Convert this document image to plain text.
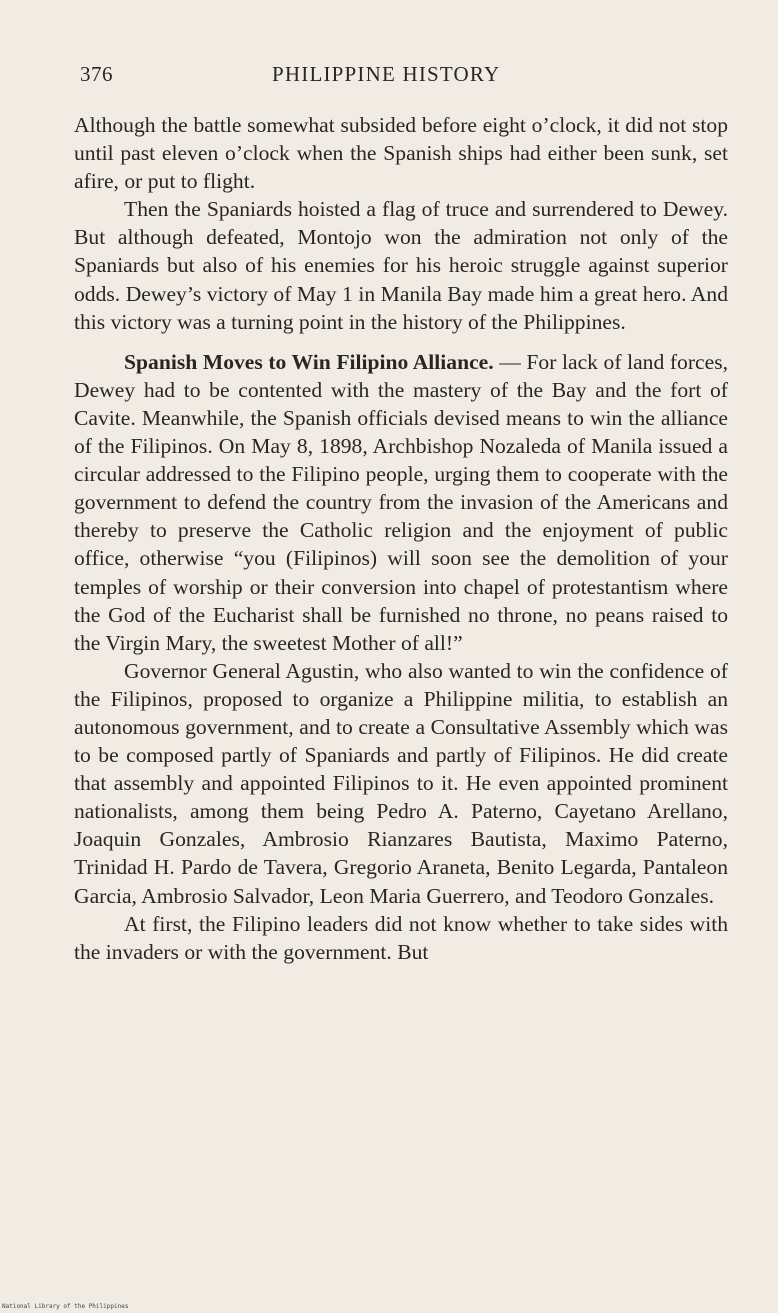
376	PHILIPPINE HISTORY

Although the battle somewhat subsided before eight o’clock, it did not stop until past eleven o’clock when the Spanish ships had either been sunk, set afire, or put to flight.

Then the Spaniards hoisted a flag of truce and surrendered to Dewey. But although defeated, Montojo won the admiration not only of the Spaniards but also of his enemies for his heroic struggle against superior odds. Dewey’s victory of May 1 in Manila Bay made him a great hero. And this victory was a turning point in the history of the Philippines.

Spanish Moves to Win Filipino Alliance. — For lack of land forces, Dewey had to be contented with the mastery of the Bay and the fort of Cavite. Meanwhile, the Spanish officials devised means to win the alliance of the Filipinos. On May 8, 1898, Archbishop Nozaleda of Manila issued a circular addressed to the Filipino people, urging them to cooperate with the government to defend the country from the invasion of the Americans and thereby to preserve the Catholic religion and the enjoyment of public office, otherwise “you (Filipinos) will soon see the demolition of your temples of worship or their conversion into chapel of protestantism where the God of the Eucharist shall be furnished no throne, no peans raised to the Virgin Mary, the sweetest Mother of all!”

Governor General Agustin, who also wanted to win the confidence of the Filipinos, proposed to organize a Philippine militia, to establish an autonomous government, and to create a Consultative Assembly which was to be composed partly of Spaniards and partly of Filipinos. He did create that assembly and appointed Filipinos to it. He even appointed prominent nationalists, among them being Pedro A. Paterno, Cayetano Arellano, Joaquin Gonzales, Ambrosio Rianzares Bautista, Maximo Paterno, Trinidad H. Pardo de Tavera, Gregorio Araneta, Benito Legarda, Pantaleon Garcia, Ambrosio Salvador, Leon Maria Guerrero, and Teodoro Gonzales.

At first, the Filipino leaders did not know whether to take sides with the invaders or with the government. But

National Library of the Philippines
